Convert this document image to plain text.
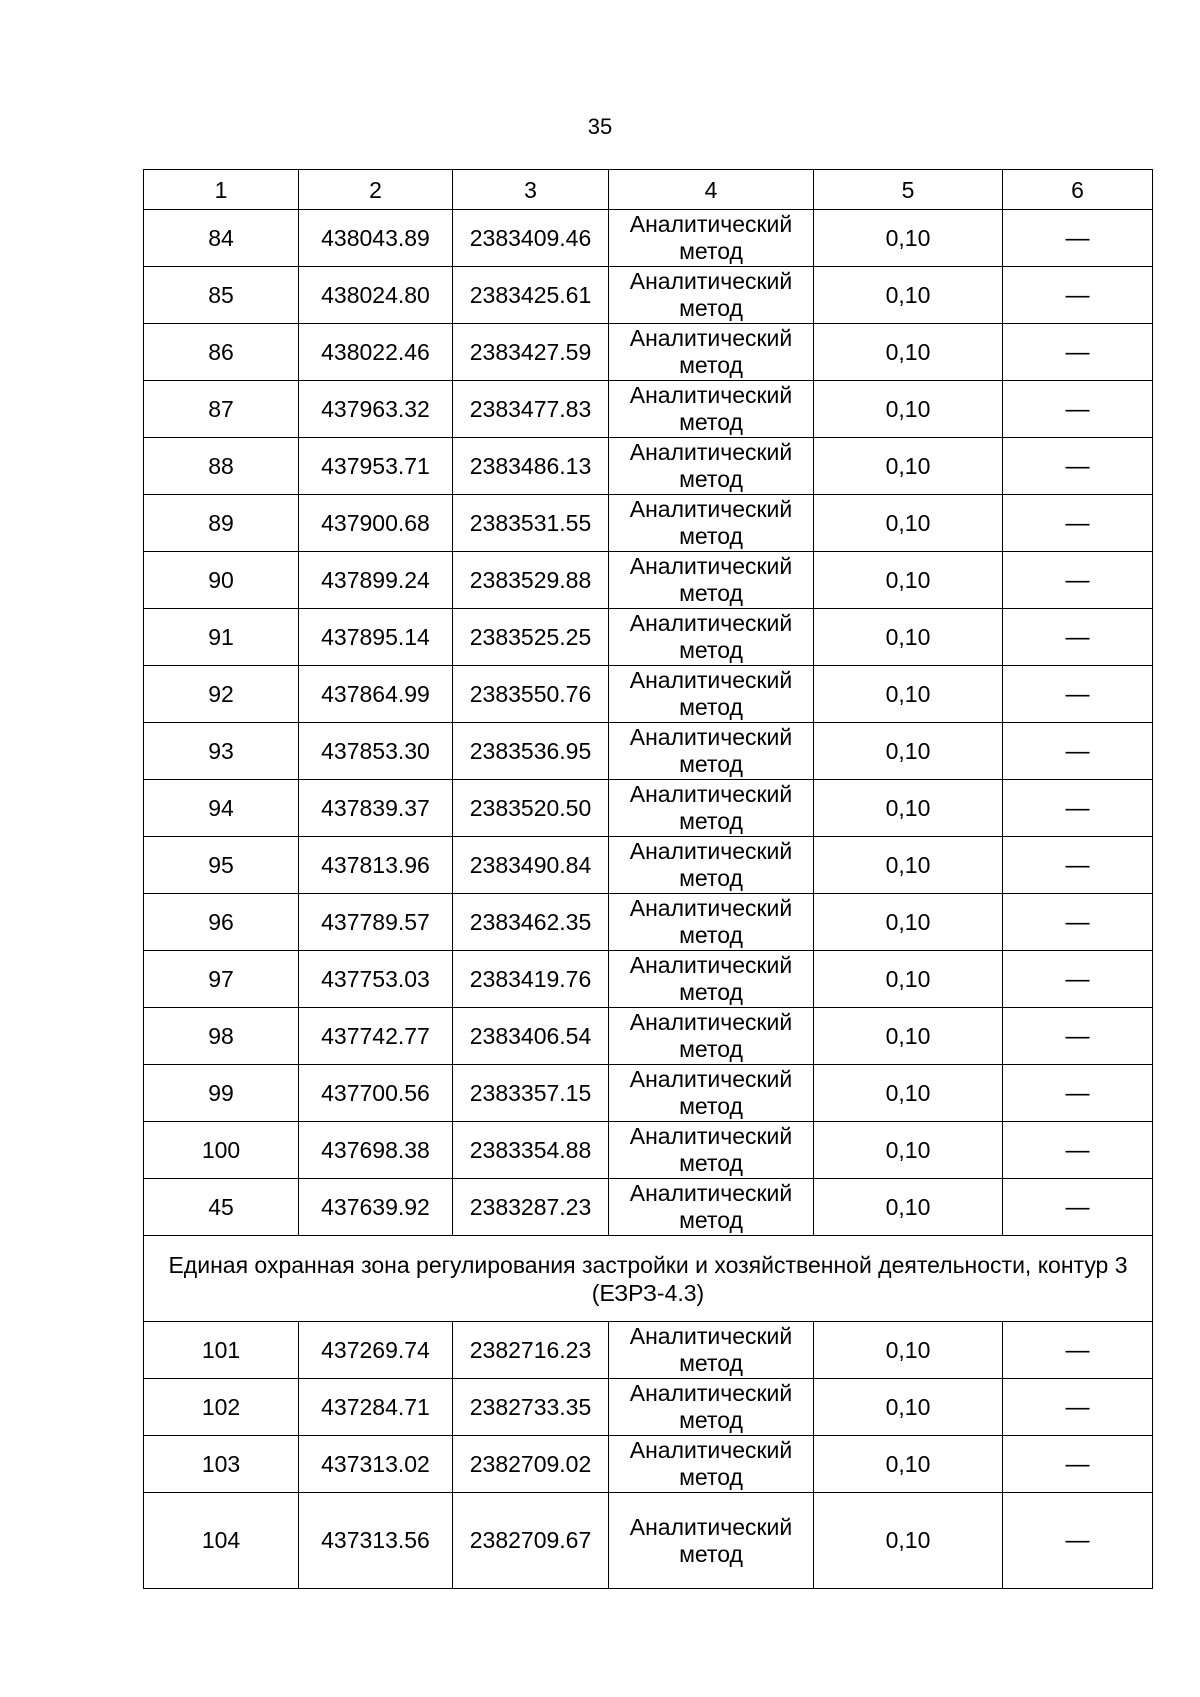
35
1	2	3	4	5	6
84	438043.89	2383409.46	Аналитический метод	0,10	—
85	438024.80	2383425.61	Аналитический метод	0,10	—
86	438022.46	2383427.59	Аналитический метод	0,10	—
87	437963.32	2383477.83	Аналитический метод	0,10	—
88	437953.71	2383486.13	Аналитический метод	0,10	—
89	437900.68	2383531.55	Аналитический метод	0,10	—
90	437899.24	2383529.88	Аналитический метод	0,10	—
91	437895.14	2383525.25	Аналитический метод	0,10	—
92	437864.99	2383550.76	Аналитический метод	0,10	—
93	437853.30	2383536.95	Аналитический метод	0,10	—
94	437839.37	2383520.50	Аналитический метод	0,10	—
95	437813.96	2383490.84	Аналитический метод	0,10	—
96	437789.57	2383462.35	Аналитический метод	0,10	—
97	437753.03	2383419.76	Аналитический метод	0,10	—
98	437742.77	2383406.54	Аналитический метод	0,10	—
99	437700.56	2383357.15	Аналитический метод	0,10	—
100	437698.38	2383354.88	Аналитический метод	0,10	—
45	437639.92	2383287.23	Аналитический метод	0,10	—
Единая охранная зона регулирования застройки и хозяйственной деятельности, контур 3 (ЕЗРЗ-4.3)					
101	437269.74	2382716.23	Аналитический метод	0,10	—
102	437284.71	2382733.35	Аналитический метод	0,10	—
103	437313.02	2382709.02	Аналитический метод	0,10	—
104	437313.56	2382709.67	Аналитический метод	0,10	—
